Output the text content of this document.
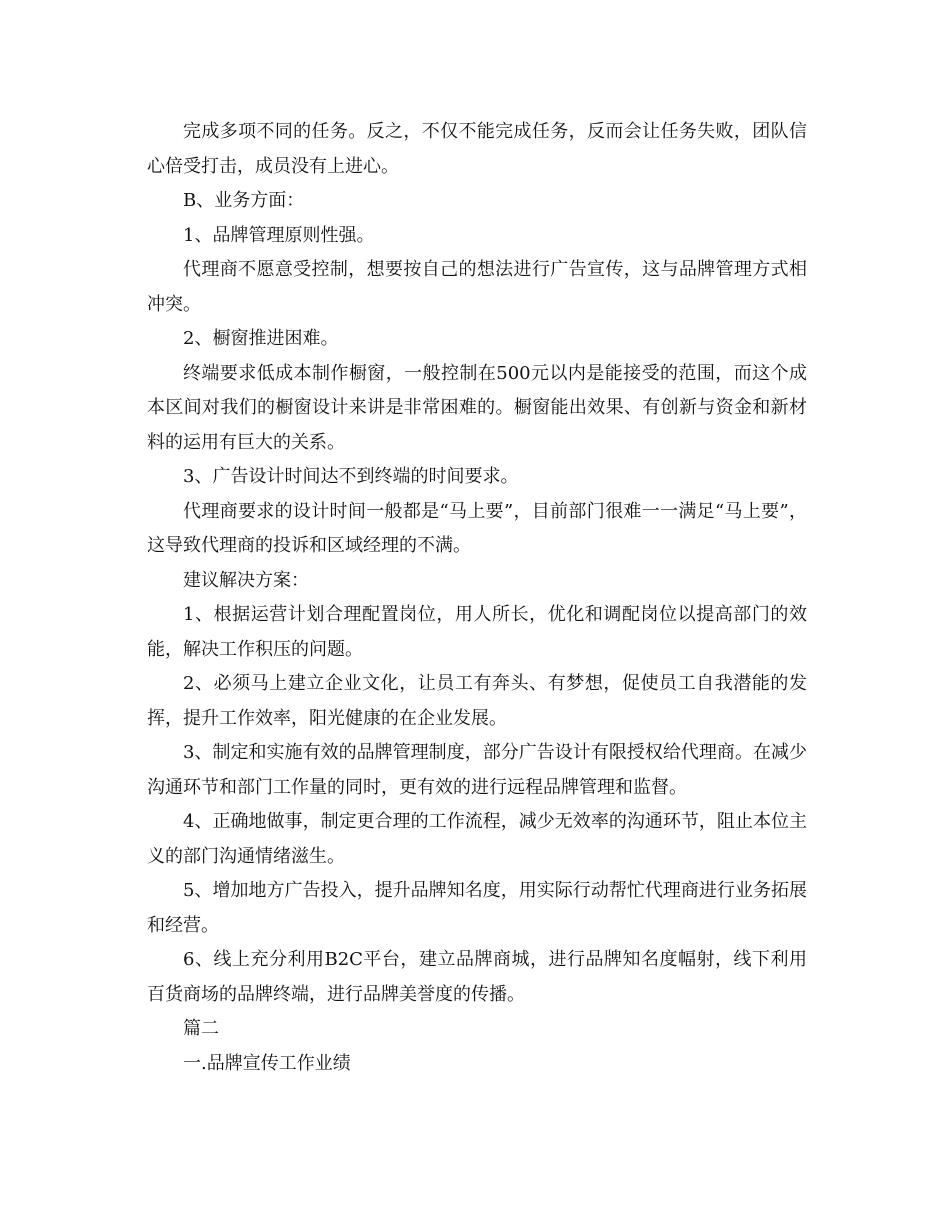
完成多项不同的任务。反之，不仅不能完成任务，反而会让任务失败，团队信心倍受打击，成员没有上进心。

B、业务方面：

1、品牌管理原则性强。

代理商不愿意受控制，想要按自己的想法进行广告宣传，这与品牌管理方式相冲突。

2、橱窗推进困难。

终端要求低成本制作橱窗，一般控制在500元以内是能接受的范围，而这个成本区间对我们的橱窗设计来讲是非常困难的。橱窗能出效果、有创新与资金和新材料的运用有巨大的关系。

3、广告设计时间达不到终端的时间要求。

代理商要求的设计时间一般都是“马上要”，目前部门很难一一满足“马上要”，这导致代理商的投诉和区域经理的不满。

建议解决方案：

1、根据运营计划合理配置岗位，用人所长，优化和调配岗位以提高部门的效能，解决工作积压的问题。

2、必须马上建立企业文化，让员工有奔头、有梦想，促使员工自我潜能的发挥，提升工作效率，阳光健康的在企业发展。

3、制定和实施有效的品牌管理制度，部分广告设计有限授权给代理商。在减少沟通环节和部门工作量的同时，更有效的进行远程品牌管理和监督。

4、正确地做事，制定更合理的工作流程，减少无效率的沟通环节，阻止本位主义的部门沟通情绪滋生。

5、增加地方广告投入，提升品牌知名度，用实际行动帮忙代理商进行业务拓展和经营。

6、线上充分利用B2C平台，建立品牌商城，进行品牌知名度幅射，线下利用百货商场的品牌终端，进行品牌美誉度的传播。

篇二

一.品牌宣传工作业绩
